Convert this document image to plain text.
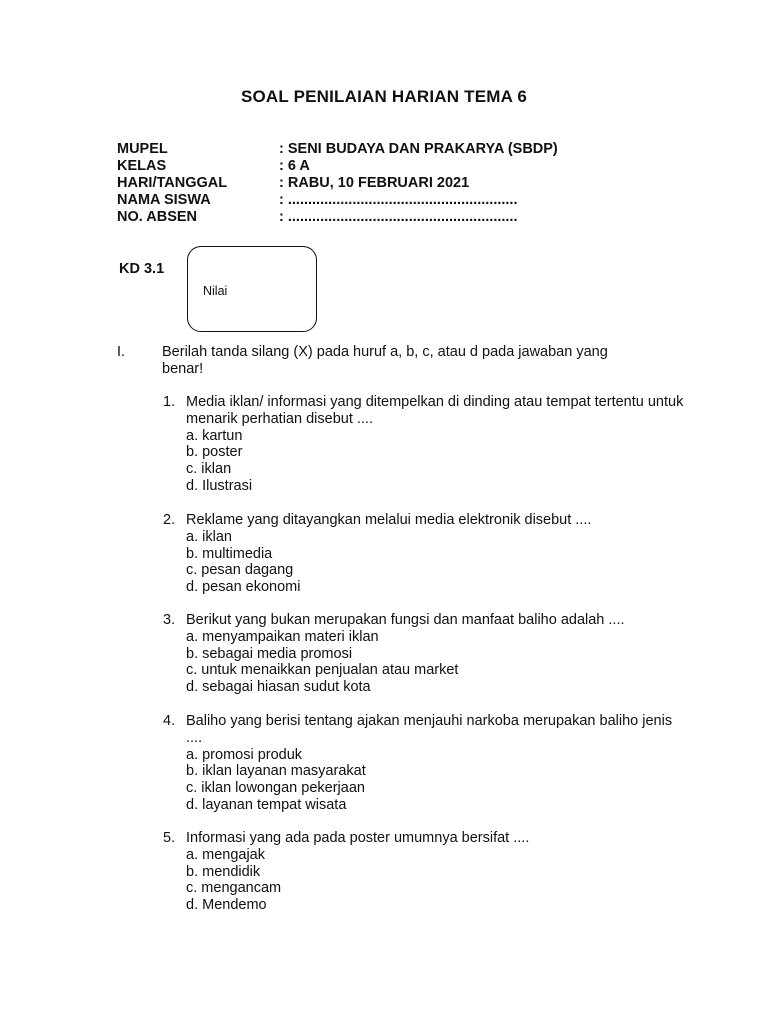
SOAL PENILAIAN HARIAN TEMA 6
MUPEL	: SENI BUDAYA DAN PRAKARYA (SBDP)
KELAS	: 6 A
HARI/TANGGAL	: RABU, 10 FEBRUARI 2021
NAMA SISWA	: .........................................................
NO. ABSEN	: .........................................................
KD 3.1
Nilai
I.	Berilah tanda silang (X) pada huruf a, b, c, atau d pada jawaban yang benar!
1. Media iklan/ informasi yang ditempelkan di dinding atau tempat tertentu untuk menarik perhatian disebut ....
a. kartun
b. poster
c. iklan
d. Ilustrasi
2. Reklame yang ditayangkan melalui media elektronik disebut ....
a. iklan
b. multimedia
c. pesan dagang
d. pesan ekonomi
3. Berikut yang bukan merupakan fungsi dan manfaat baliho adalah ....
a. menyampaikan materi iklan
b. sebagai media promosi
c. untuk menaikkan penjualan atau market
d. sebagai hiasan sudut kota
4. Baliho yang berisi tentang ajakan menjauhi narkoba merupakan baliho jenis ....
a. promosi produk
b. iklan layanan masyarakat
c. iklan lowongan pekerjaan
d. layanan tempat wisata
5. Informasi yang ada pada poster umumnya bersifat ....
a. mengajak
b. mendidik
c. mengancam
d. Mendemo
